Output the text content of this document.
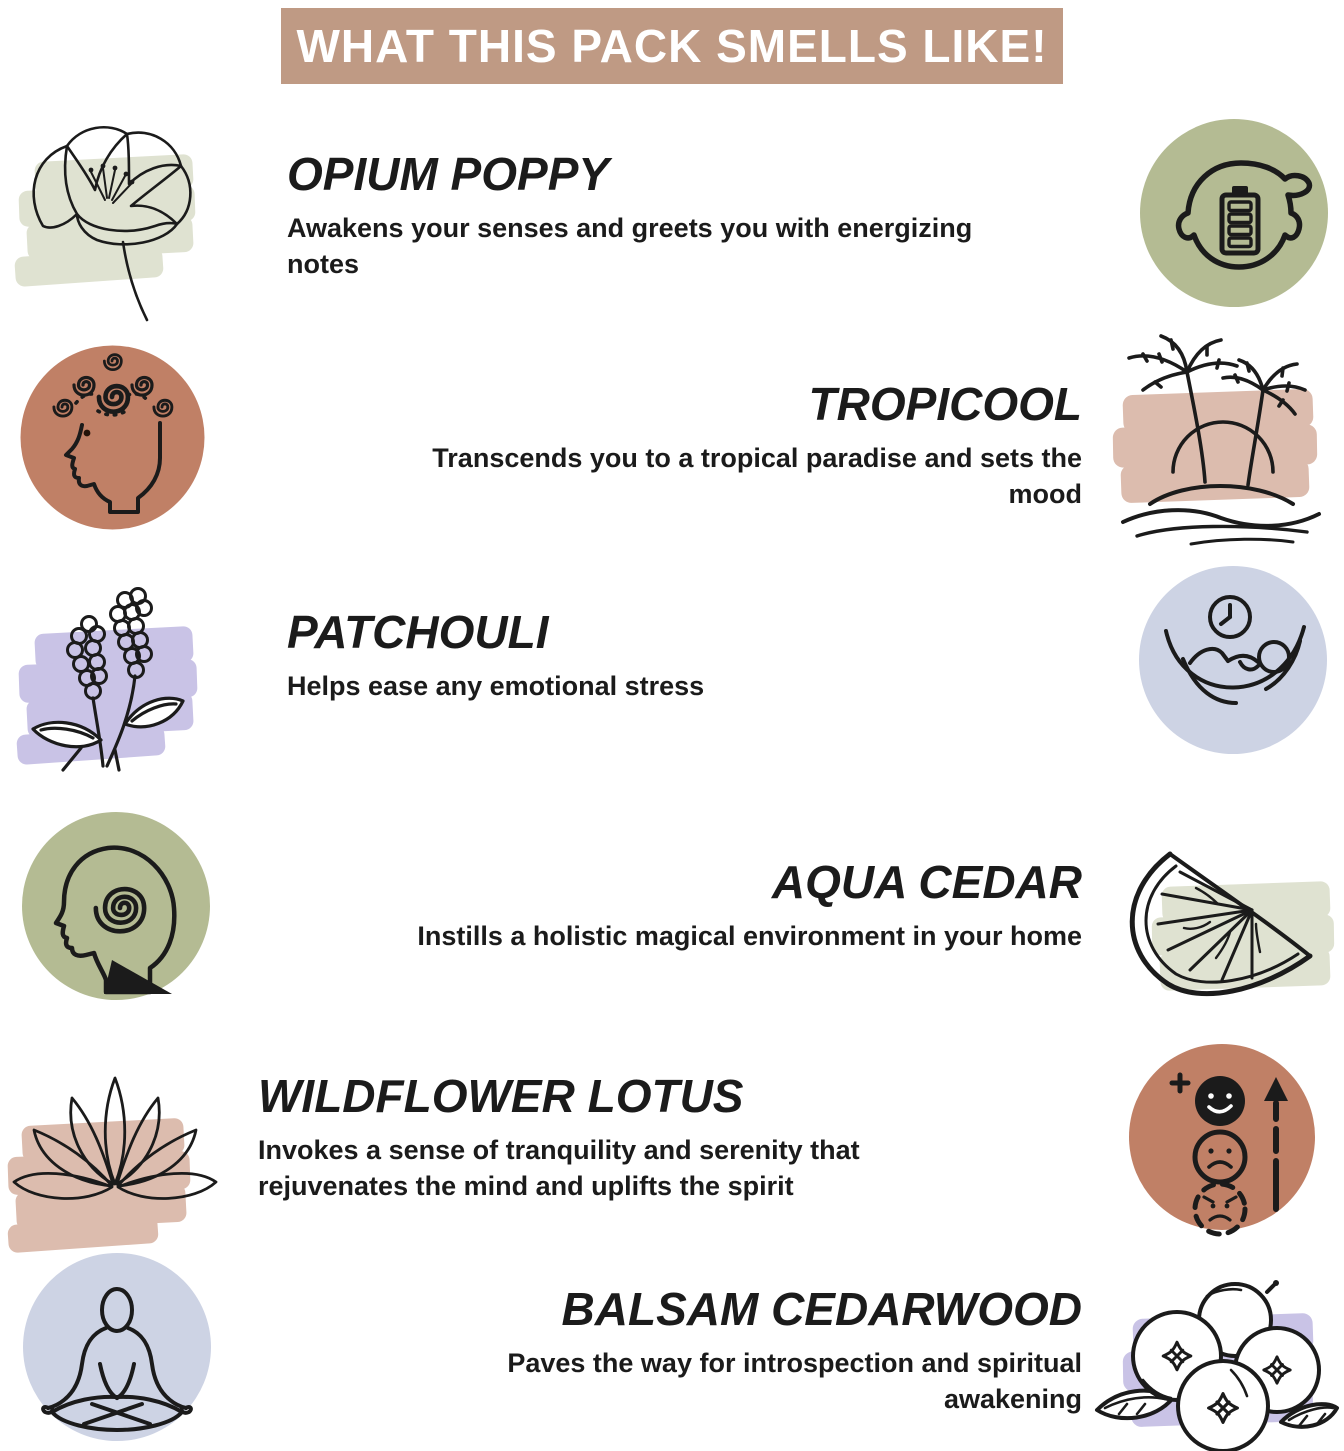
WHAT THIS PACK SMELLS LIKE!
OPIUM POPPY
Awakens your senses and greets you with energizing notes
TROPICOOL
Transcends you to a tropical paradise and sets the mood
PATCHOULI
Helps ease any emotional stress
AQUA CEDAR
Instills a holistic magical environment in your home
WILDFLOWER LOTUS
Invokes a sense of tranquility and serenity that rejuvenates the mind and uplifts the spirit
BALSAM CEDARWOOD
Paves the way for introspection and spiritual awakening
